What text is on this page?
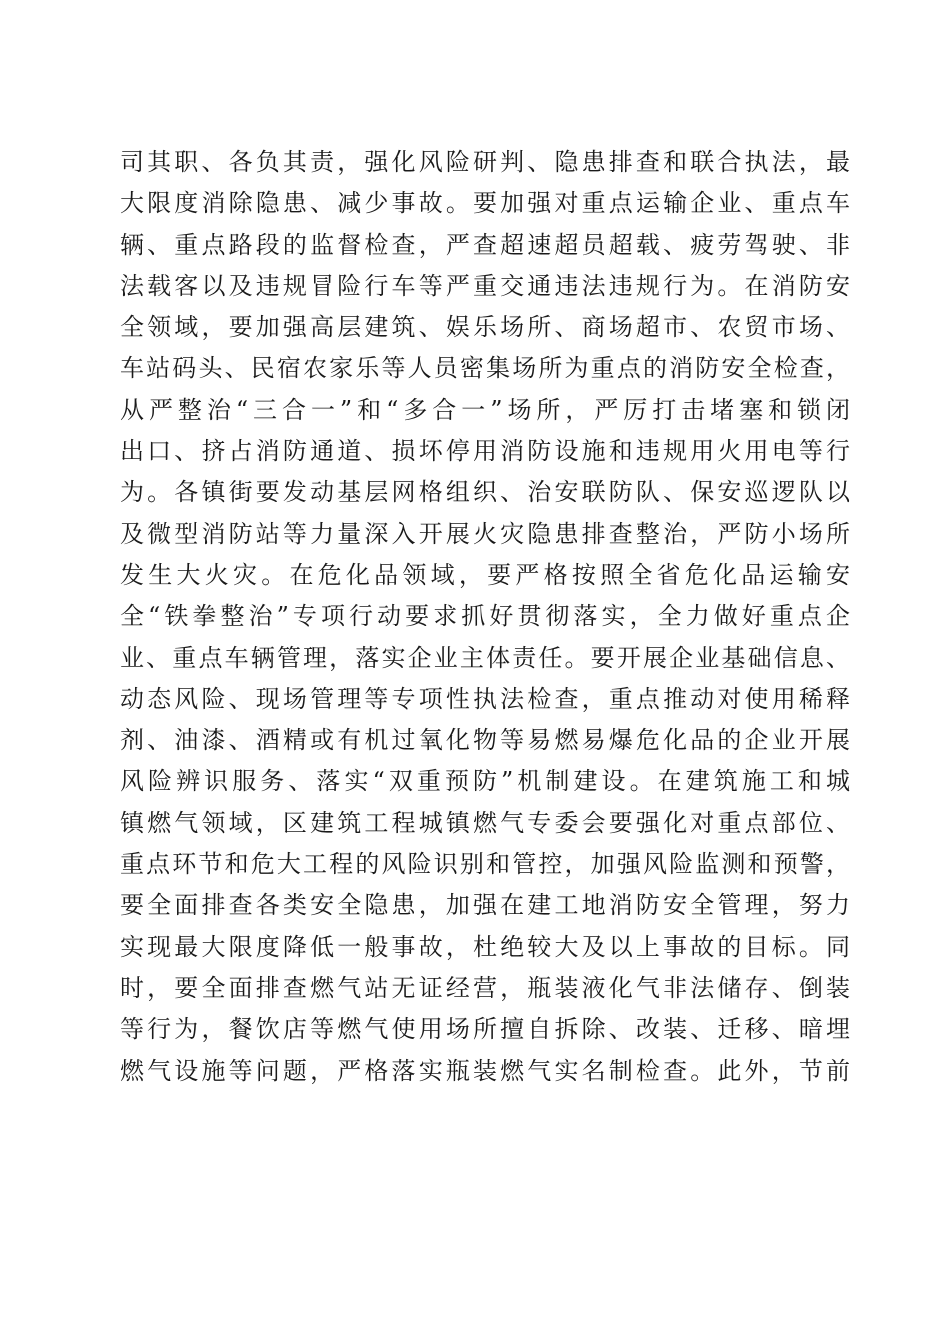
司其职、各负其责，强化风险研判、隐患排查和联合执法，最
大限度消除隐患、减少事故。要加强对重点运输企业、重点车
辆、重点路段的监督检查，严查超速超员超载、疲劳驾驶、非
法载客以及违规冒险行车等严重交通违法违规行为。在消防安
全领域，要加强高层建筑、娱乐场所、商场超市、农贸市场、
车站码头、民宿农家乐等人员密集场所为重点的消防安全检查，
从严整治“三合一”和“多合一”场所，严厉打击堵塞和锁闭
出口、挤占消防通道、损坏停用消防设施和违规用火用电等行
为。各镇街要发动基层网格组织、治安联防队、保安巡逻队以
及微型消防站等力量深入开展火灾隐患排查整治，严防小场所
发生大火灾。在危化品领域，要严格按照全省危化品运输安
全“铁拳整治”专项行动要求抓好贯彻落实，全力做好重点企
业、重点车辆管理，落实企业主体责任。要开展企业基础信息、
动态风险、现场管理等专项性执法检查，重点推动对使用稀释
剂、油漆、酒精或有机过氧化物等易燃易爆危化品的企业开展
风险辨识服务、落实“双重预防”机制建设。在建筑施工和城
镇燃气领域，区建筑工程城镇燃气专委会要强化对重点部位、
重点环节和危大工程的风险识别和管控，加强风险监测和预警，
要全面排查各类安全隐患，加强在建工地消防安全管理，努力
实现最大限度降低一般事故，杜绝较大及以上事故的目标。同
时，要全面排查燃气站无证经营，瓶装液化气非法储存、倒装
等行为，餐饮店等燃气使用场所擅自拆除、改装、迁移、暗埋
燃气设施等问题，严格落实瓶装燃气实名制检查。此外，节前
